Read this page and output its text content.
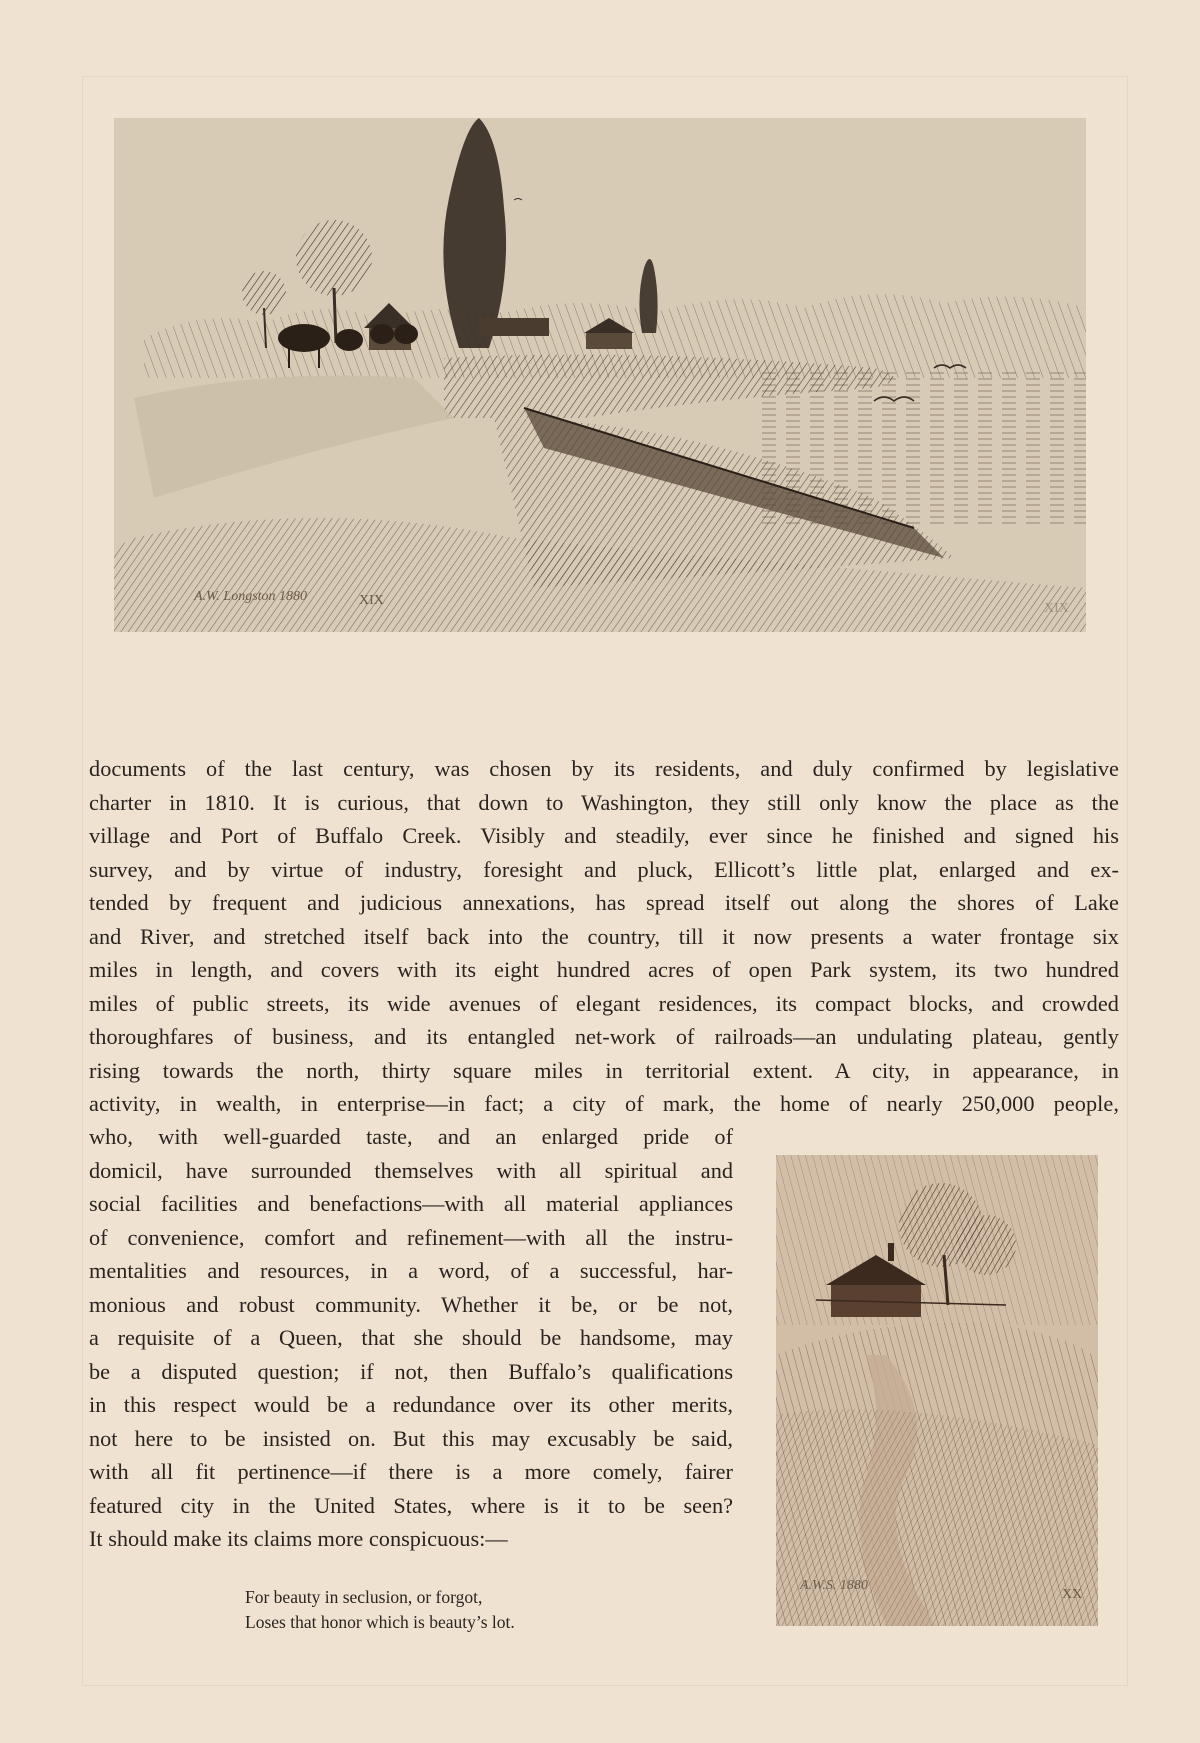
XIX
XIX
A.W. Longston 1880
documents of the last century, was chosen by its residents, and duly confirmed by legislative
charter in 1810. It is curious, that down to Washington, they still only know the place as the
village and Port of Buffalo Creek. Visibly and steadily, ever since he finished and signed his
survey, and by virtue of industry, foresight and pluck, Ellicott’s little plat, enlarged and ex-
tended by frequent and judicious annexations, has spread itself out along the shores of Lake
and River, and stretched itself back into the country, till it now presents a water frontage six
miles in length, and covers with its eight hundred acres of open Park system, its two hundred
miles of public streets, its wide avenues of elegant residences, its compact blocks, and crowded
thoroughfares of business, and its entangled net-work of railroads—an undulating plateau, gently
rising towards the north, thirty square miles in territorial extent. A city, in appearance, in
activity, in wealth, in enterprise—in fact; a city of mark, the home of nearly 250,000 people,
who, with well-guarded taste, and an enlarged pride of
domicil, have surrounded themselves with all spiritual and
social facilities and benefactions—with all material appliances
of convenience, comfort and refinement—with all the instru-
mentalities and resources, in a word, of a successful, har-
monious and robust community. Whether it be, or be not,
a requisite of a Queen, that she should be handsome, may
be a disputed question; if not, then Buffalo’s qualifications
in this respect would be a redundance over its other merits,
not here to be insisted on. But this may excusably be said,
with all fit pertinence—if there is a more comely, fairer
featured city in the United States, where is it to be seen?
It should make its claims more conspicuous:—
XX
A.W.S. 1880
For beauty in seclusion, or forgot,
Loses that honor which is beauty’s lot.
